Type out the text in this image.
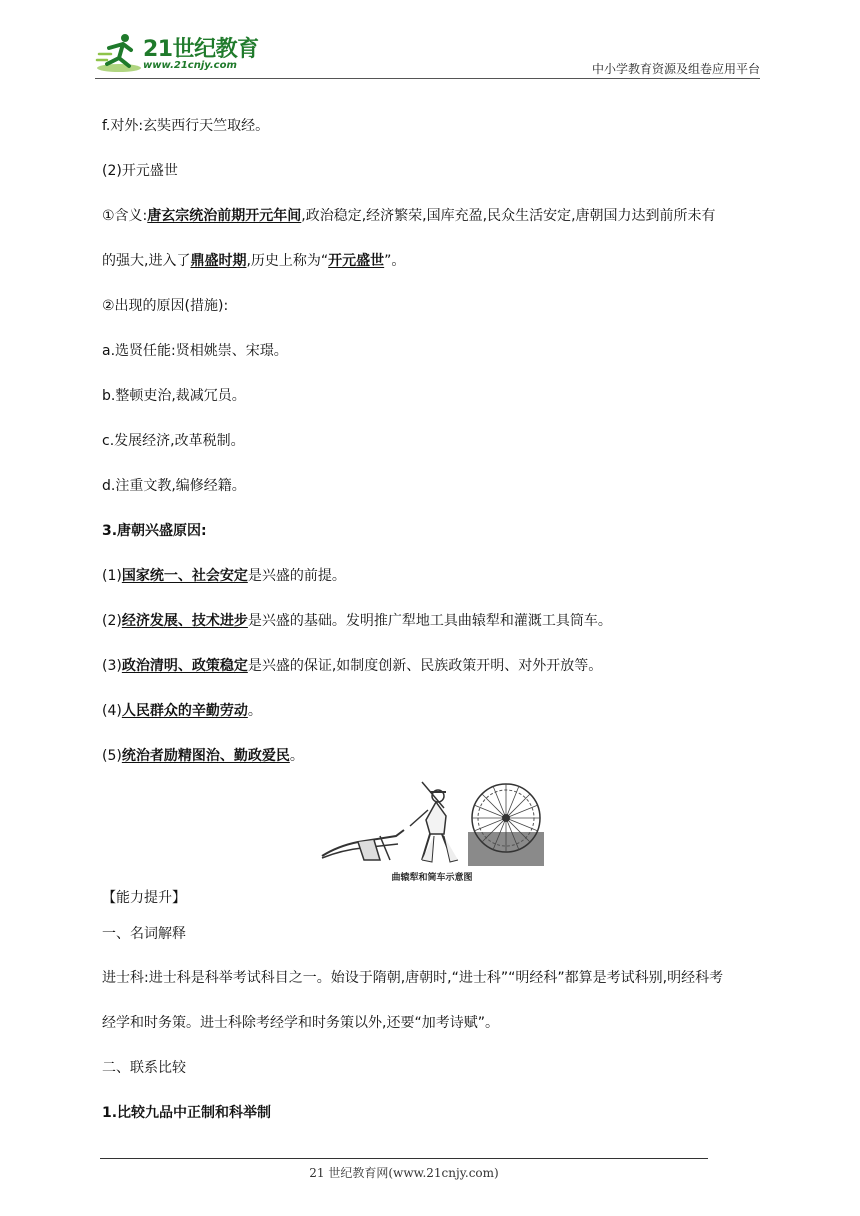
21世纪教育
www.21cnjy.com	中小学教育资源及组卷应用平台
f.对外:玄奘西行天竺取经。
(2)开元盛世
①含义:唐玄宗统治前期开元年间,政治稳定,经济繁荣,国库充盈,民众生活安定,唐朝国力达到前所未有
的强大,进入了鼎盛时期,历史上称为“开元盛世”。
②出现的原因(措施):
a.选贤任能:贤相姚崇、宋璟。
b.整顿吏治,裁减冗员。
c.发展经济,改革税制。
d.注重文教,编修经籍。
3.唐朝兴盛原因:
(1)国家统一、社会安定是兴盛的前提。
(2)经济发展、技术进步是兴盛的基础。发明推广犁地工具曲辕犁和灌溉工具筒车。
(3)政治清明、政策稳定是兴盛的保证,如制度创新、民族政策开明、对外开放等。
(4)人民群众的辛勤劳动。
(5)统治者励精图治、勤政爱民。
【能力提升】
一、名词解释
进士科:进士科是科举考试科目之一。始设于隋朝,唐朝时,“进士科”“明经科”都算是考试科别,明经科考
经学和时务策。进士科除考经学和时务策以外,还要“加考诗赋”。
二、联系比较
1.比较九品中正制和科举制
曲辕犁和筒车示意图
21 世纪教育网(www.21cnjy.com)
